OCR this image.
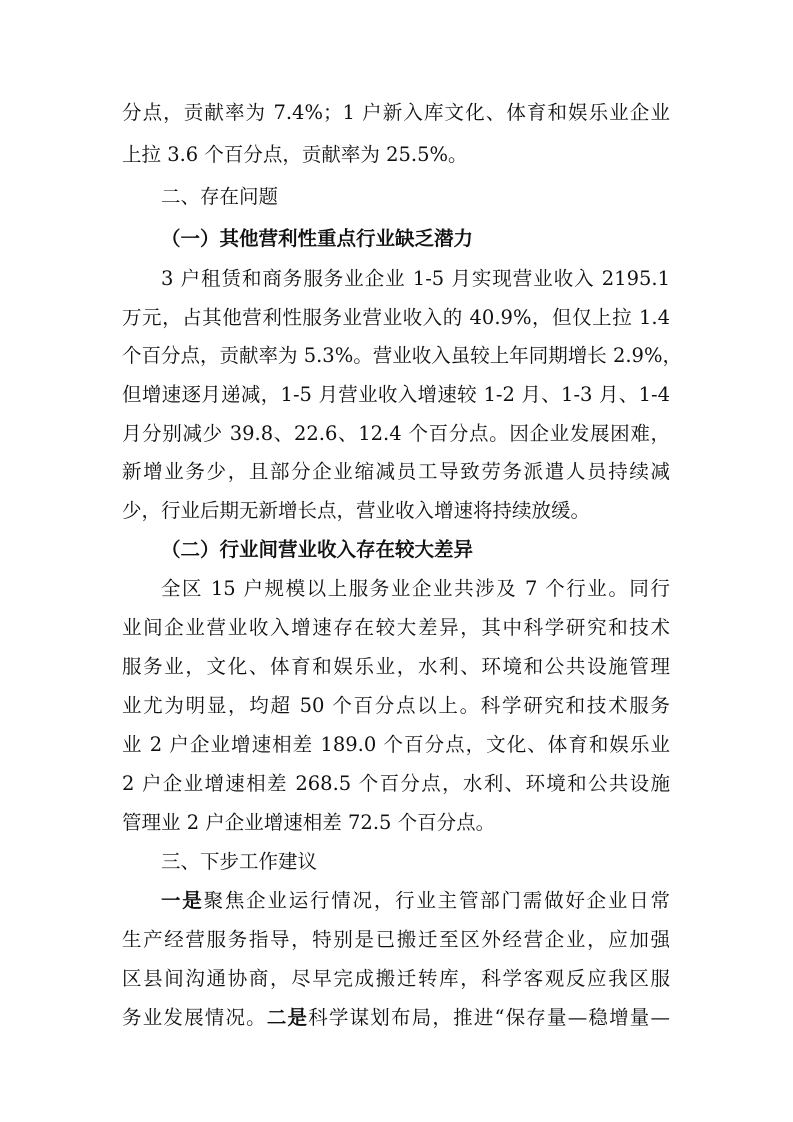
分点，贡献率为 7.4%；1 户新入库文化、体育和娱乐业企业
上拉 3.6 个百分点，贡献率为 25.5%。
二、存在问题
（一）其他营利性重点行业缺乏潜力
3 户租赁和商务服务业企业 1-5 月实现营业收入 2195.1
万元，占其他营利性服务业营业收入的 40.9%，但仅上拉 1.4
个百分点，贡献率为 5.3%。营业收入虽较上年同期增长 2.9%，
但增速逐月递减，1-5 月营业收入增速较 1-2 月、1-3 月、1-4
月分别减少 39.8、22.6、12.4 个百分点。因企业发展困难，
新增业务少，且部分企业缩减员工导致劳务派遣人员持续减
少，行业后期无新增长点，营业收入增速将持续放缓。
（二）行业间营业收入存在较大差异
全区 15 户规模以上服务业企业共涉及 7 个行业。同行
业间企业营业收入增速存在较大差异，其中科学研究和技术
服务业，文化、体育和娱乐业，水利、环境和公共设施管理
业尤为明显，均超 50 个百分点以上。科学研究和技术服务
业 2 户企业增速相差 189.0 个百分点，文化、体育和娱乐业
2 户企业增速相差 268.5 个百分点，水利、环境和公共设施
管理业 2 户企业增速相差 72.5 个百分点。
三、下步工作建议
一是聚焦企业运行情况，行业主管部门需做好企业日常
生产经营服务指导，特别是已搬迁至区外经营企业，应加强
区县间沟通协商，尽早完成搬迁转库，科学客观反应我区服
务业发展情况。二是科学谋划布局，推进“保存量—稳增量—
